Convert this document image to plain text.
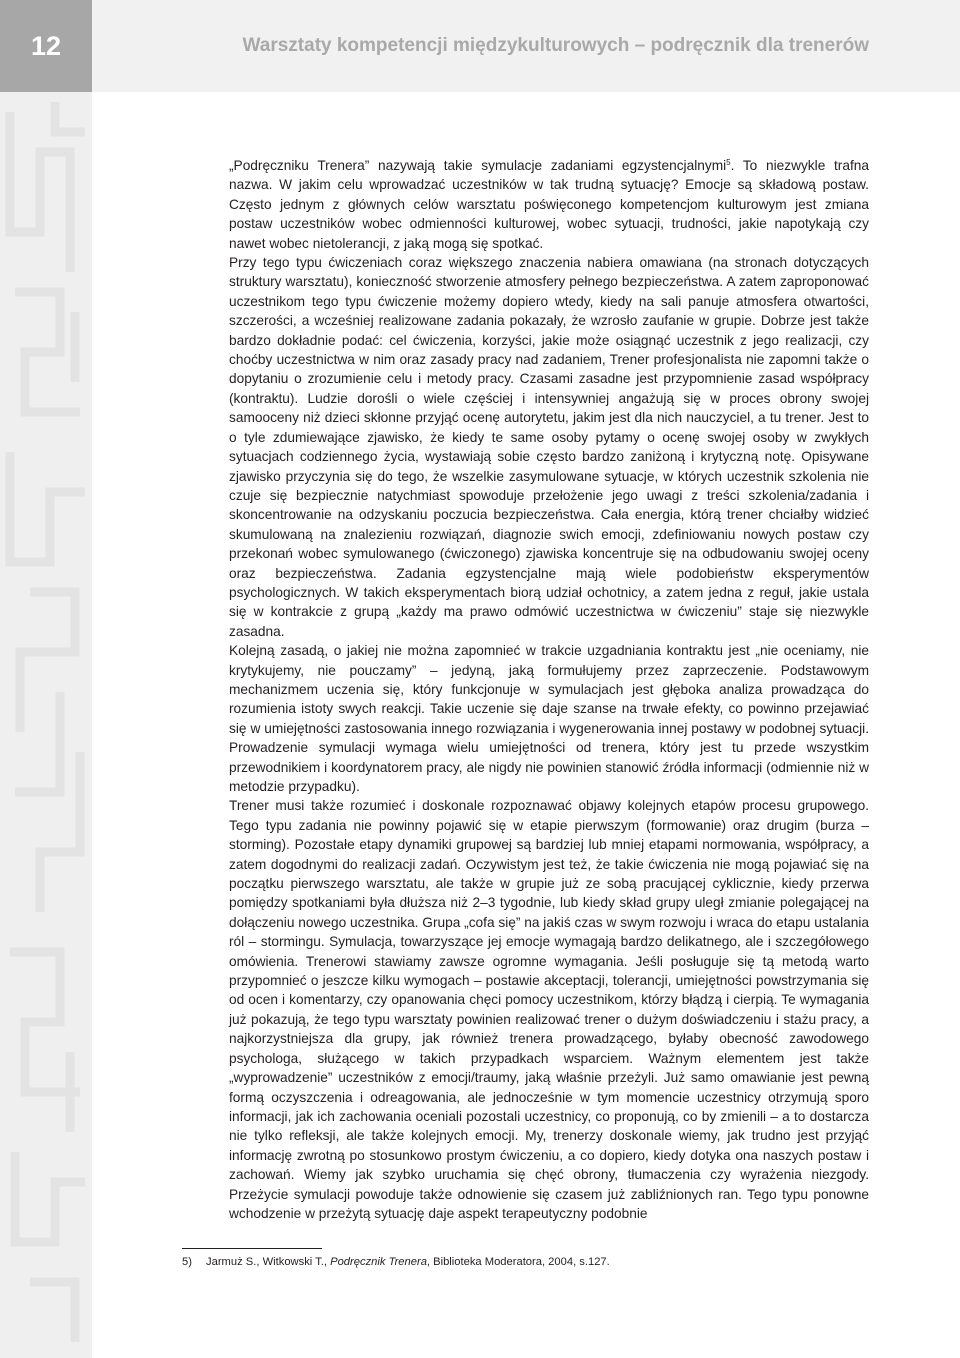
12	Warsztaty kompetencji międzykulturowych – podręcznik dla trenerów

„Podręczniku Trenera” nazywają takie symulacje zadaniami egzystencjalnymi$^5$. To niezwykle trafna nazwa. W jakim celu wprowadzać uczestników w tak trudną sytuację? Emocje są składową postaw. Często jednym z głównych celów warsztatu poświęconego kompetencjom kulturowym jest zmiana postaw uczestników wobec odmienności kulturowej, wobec sytuacji, trudności, jakie napotykają czy nawet wobec nietolerancji, z jaką mogą się spotkać.

Przy tego typu ćwiczeniach coraz większego znaczenia nabiera omawiana (na stronach dotyczących struktury warsztatu), konieczność stworzenie atmosfery pełnego bezpieczeństwa. A zatem zaproponować uczestnikom tego typu ćwiczenie możemy dopiero wtedy, kiedy na sali panuje atmosfera otwartości, szczerości, a wcześniej realizowane zadania pokazały, że wzrosło zaufanie w grupie. Dobrze jest także bardzo dokładnie podać: cel ćwiczenia, korzyści, jakie może osiągnąć uczestnik z jego realizacji, czy choćby uczestnictwa w nim oraz zasady pracy nad zadaniem, Trener profesjonalista nie zapomni także o dopytaniu o zrozumienie celu i metody pracy. Czasami zasadne jest przypomnienie zasad współpracy (kontraktu). Ludzie dorośli o wiele częściej i intensywniej angażują się w proces obrony swojej samooceny niż dzieci skłonne przyjąć ocenę autorytetu, jakim jest dla nich nauczyciel, a tu trener. Jest to o tyle zdumiewające zjawisko, że kiedy te same osoby pytamy o ocenę swojej osoby w zwykłych sytuacjach codziennego życia, wystawiają sobie często bardzo zaniżoną i krytyczną notę. Opisywane zjawisko przyczynia się do tego, że wszelkie zasymulowane sytuacje, w których uczestnik szkolenia nie czuje się bezpiecznie natychmiast spowoduje przełożenie jego uwagi z treści szkolenia/zadania i skoncentrowanie na odzyskaniu poczucia bezpieczeństwa. Cała energia, którą trener chciałby widzieć skumulowaną na znalezieniu rozwiązań, diagnozie swich emocji, zdefiniowaniu nowych postaw czy przekonań wobec symulowanego (ćwiczonego) zjawiska koncentruje się na odbudowaniu swojej oceny oraz bezpieczeństwa. Zadania egzystencjalne mają wiele podobieństw eksperymentów psychologicznych. W takich eksperymentach biorą udział ochotnicy, a zatem jedna z reguł, jakie ustala się w kontrakcie z grupą „każdy ma prawo odmówić uczestnictwa w ćwiczeniu” staje się niezwykle zasadna.

Kolejną zasadą, o jakiej nie można zapomnieć w trakcie uzgadniania kontraktu jest „nie oceniamy, nie krytykujemy, nie pouczamy” – jedyną, jaką formułujemy przez zaprzeczenie. Podstawowym mechanizmem uczenia się, który funkcjonuje w symulacjach jest głęboka analiza prowadząca do rozumienia istoty swych reakcji. Takie uczenie się daje szanse na trwałe efekty, co powinno przejawiać się w umiejętności zastosowania innego rozwiązania i wygenerowania innej postawy w podobnej sytuacji. Prowadzenie symulacji wymaga wielu umiejętności od trenera, który jest tu przede wszystkim przewodnikiem i koordynatorem pracy, ale nigdy nie powinien stanowić źródła informacji (odmiennie niż w metodzie przypadku).

Trener musi także rozumieć i doskonale rozpoznawać objawy kolejnych etapów procesu grupowego. Tego typu zadania nie powinny pojawić się w etapie pierwszym (formowanie) oraz drugim (burza – storming). Pozostałe etapy dynamiki grupowej są bardziej lub mniej etapami normowania, współpracy, a zatem dogodnymi do realizacji zadań. Oczywistym jest też, że takie ćwiczenia nie mogą pojawiać się na początku pierwszego warsztatu, ale także w grupie już ze sobą pracującej cyklicznie, kiedy przerwa pomiędzy spotkaniami była dłuższa niż 2–3 tygodnie, lub kiedy skład grupy uległ zmianie polegającej na dołączeniu nowego uczestnika. Grupa „cofa się” na jakiś czas w swym rozwoju i wraca do etapu ustalania ról – stormingu. Symulacja, towarzyszące jej emocje wymagają bardzo delikatnego, ale i szczegółowego omówienia. Trenerowi stawiamy zawsze ogromne wymagania. Jeśli posługuje się tą metodą warto przypomnieć o jeszcze kilku wymogach – postawie akceptacji, tolerancji, umiejętności powstrzymania się od ocen i komentarzy, czy opanowania chęci pomocy uczestnikom, którzy błądzą i cierpią. Te wymagania już pokazują, że tego typu warsztaty powinien realizować trener o dużym doświadczeniu i stażu pracy, a najkorzystniejsza dla grupy, jak również trenera prowadzącego, byłaby obecność zawodowego psychologa, służącego w takich przypadkach wsparciem. Ważnym elementem jest także „wyprowadzenie” uczestników z emocji/traumy, jaką właśnie przeżyli. Już samo omawianie jest pewną formą oczyszczenia i odreagowania, ale jednocześnie w tym momencie uczestnicy otrzymują sporo informacji, jak ich zachowania oceniali pozostali uczestnicy, co proponują, co by zmienili – a to dostarcza nie tylko refleksji, ale także kolejnych emocji. My, trenerzy doskonale wiemy, jak trudno jest przyjąć informację zwrotną po stosunkowo prostym ćwiczeniu, a co dopiero, kiedy dotyka ona naszych postaw i zachowań. Wiemy jak szybko uruchamia się chęć obrony, tłumaczenia czy wyrażenia niezgody. Przeżycie symulacji powoduje także odnowienie się czasem już zabliźnionych ran. Tego typu ponowne wchodzenie w przeżytą sytuację daje aspekt terapeutyczny podobnie

5) Jarmuż S., Witkowski T., Podręcznik Trenera, Biblioteka Moderatora, 2004, s.127.
